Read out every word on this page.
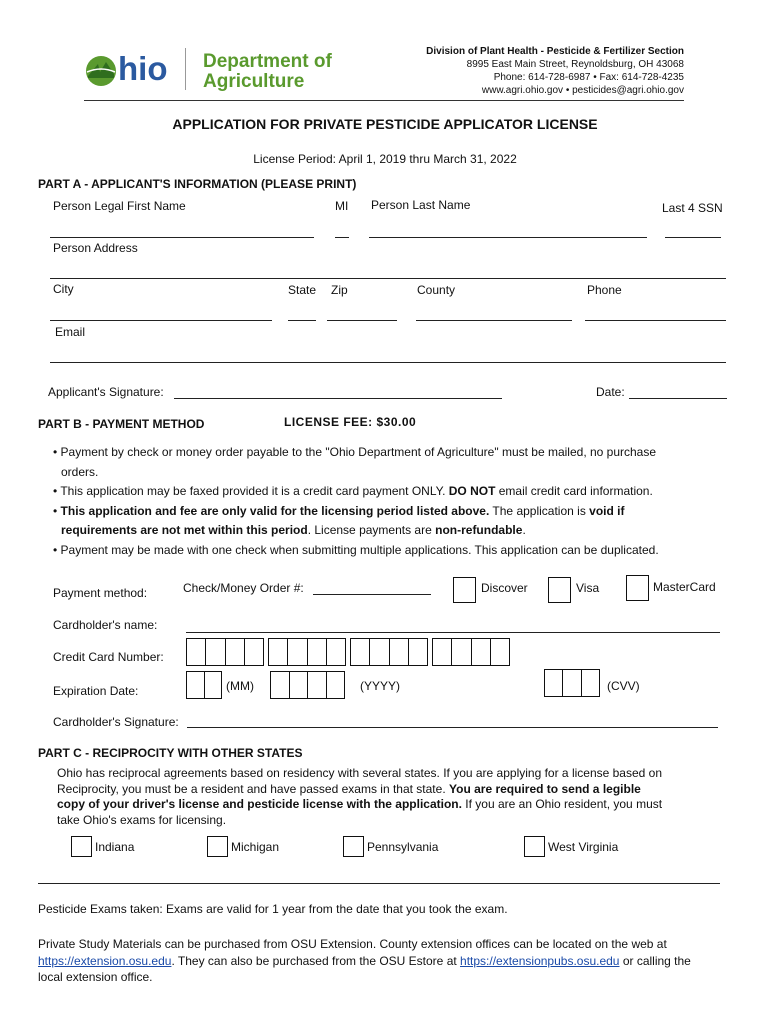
hio Department of
Agriculture
Division of Plant Health - Pesticide & Fertilizer Section
8995 East Main Street, Reynoldsburg, OH 43068
Phone: 614-728-6987 • Fax: 614-728-4235
www.agri.ohio.gov • pesticides@agri.ohio.gov
APPLICATION FOR PRIVATE PESTICIDE APPLICATOR LICENSE
License Period: April 1, 2019 thru March 31, 2022
PART A - APPLICANT'S INFORMATION (PLEASE PRINT)
Person Legal First Name	MI Person Last Name	Last 4 SSN
Person Address
City	State Zip	County	Phone
Email
Applicant's Signature:	Date:
PART B - PAYMENT METHOD	LICENSE FEE: $30.00
• Payment by check or money order payable to the "Ohio Department of Agriculture" must be mailed, no purchase
orders.
• This application may be faxed provided it is a credit card payment ONLY. DO NOT email credit card information.
• This application and fee are only valid for the licensing period listed above. The application is void if
requirements are not met within this period. License payments are non-refundable.
• Payment may be made with one check when submitting multiple applications. This application can be duplicated.
Payment method:	Check/Money Order #:	Discover	Visa	MasterCard
Cardholder's name:
Credit Card Number:
Expiration Date:	(MM)	(YYYY)	(CVV)
Cardholder's Signature:
PART C - RECIPROCITY WITH OTHER STATES
Ohio has reciprocal agreements based on residency with several states. If you are applying for a license based on
Reciprocity, you must be a resident and have passed exams in that state. You are required to send a legible
copy of your driver's license and pesticide license with the application. If you are an Ohio resident, you must
take Ohio's exams for licensing.
Indiana	Michigan	Pennsylvania	West Virginia
Pesticide Exams taken: Exams are valid for 1 year from the date that you took the exam.
Private Study Materials can be purchased from OSU Extension. County extension offices can be located on the web at
https://extension.osu.edu. They can also be purchased from the OSU Estore at https://extensionpubs.osu.edu or calling the
local extension office.
